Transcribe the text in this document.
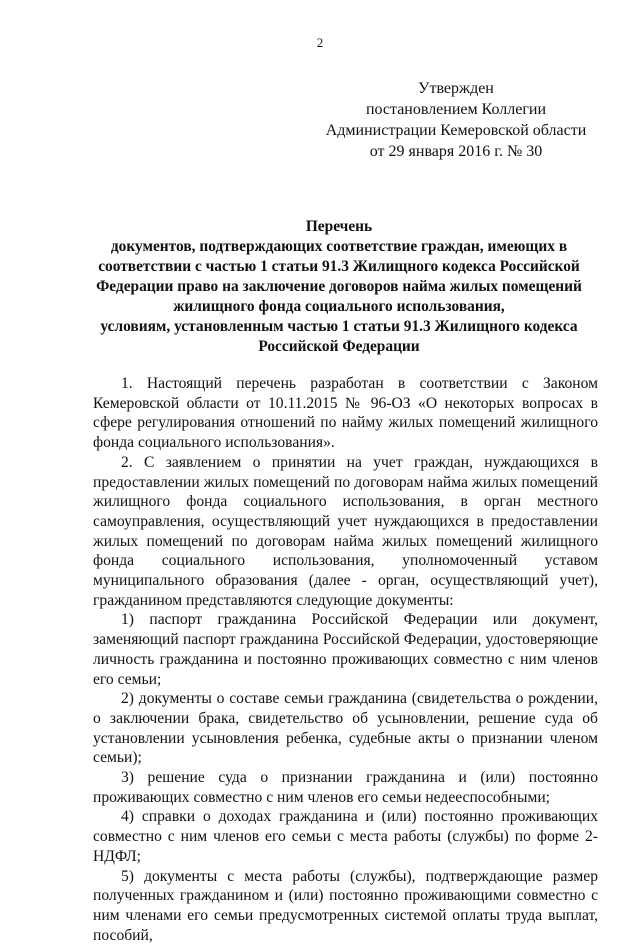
2
Утвержден
постановлением Коллегии
Администрации Кемеровской области
от 29 января 2016 г. № 30
Перечень
документов, подтверждающих соответствие граждан, имеющих в
соответствии с частью 1 статьи 91.3 Жилищного кодекса Российской
Федерации право на заключение договоров найма жилых помещений
жилищного фонда социального использования,
условиям, установленным частью 1 статьи 91.3 Жилищного кодекса
Российской Федерации

1. Настоящий перечень разработан в соответствии с Законом Кемеровской области от 10.11.2015 № 96-ОЗ «О некоторых вопросах в сфере регулирования отношений по найму жилых помещений жилищного фонда социального использования».

2. С заявлением о принятии на учет граждан, нуждающихся в предоставлении жилых помещений по договорам найма жилых помещений жилищного фонда социального использования, в орган местного самоуправления, осуществляющий учет нуждающихся в предоставлении жилых помещений по договорам найма жилых помещений жилищного фонда социального использования, уполномоченный уставом муниципального образования (далее - орган, осуществляющий учет), гражданином представляются следующие документы:

1) паспорт гражданина Российской Федерации или документ, заменяющий паспорт гражданина Российской Федерации, удостоверяющие личность гражданина и постоянно проживающих совместно с ним членов его семьи;

2) документы о составе семьи гражданина (свидетельства о рождении, о заключении брака, свидетельство об усыновлении, решение суда об установлении усыновления ребенка, судебные акты о признании членом семьи);

3) решение суда о признании гражданина и (или) постоянно проживающих совместно с ним членов его семьи недееспособными;

4) справки о доходах гражданина и (или) постоянно проживающих совместно с ним членов его семьи с места работы (службы) по форме 2-НДФЛ;

5) документы с места работы (службы), подтверждающие размер полученных гражданином и (или) постоянно проживающими совместно с ним членами его семьи предусмотренных системой оплаты труда выплат, пособий,
